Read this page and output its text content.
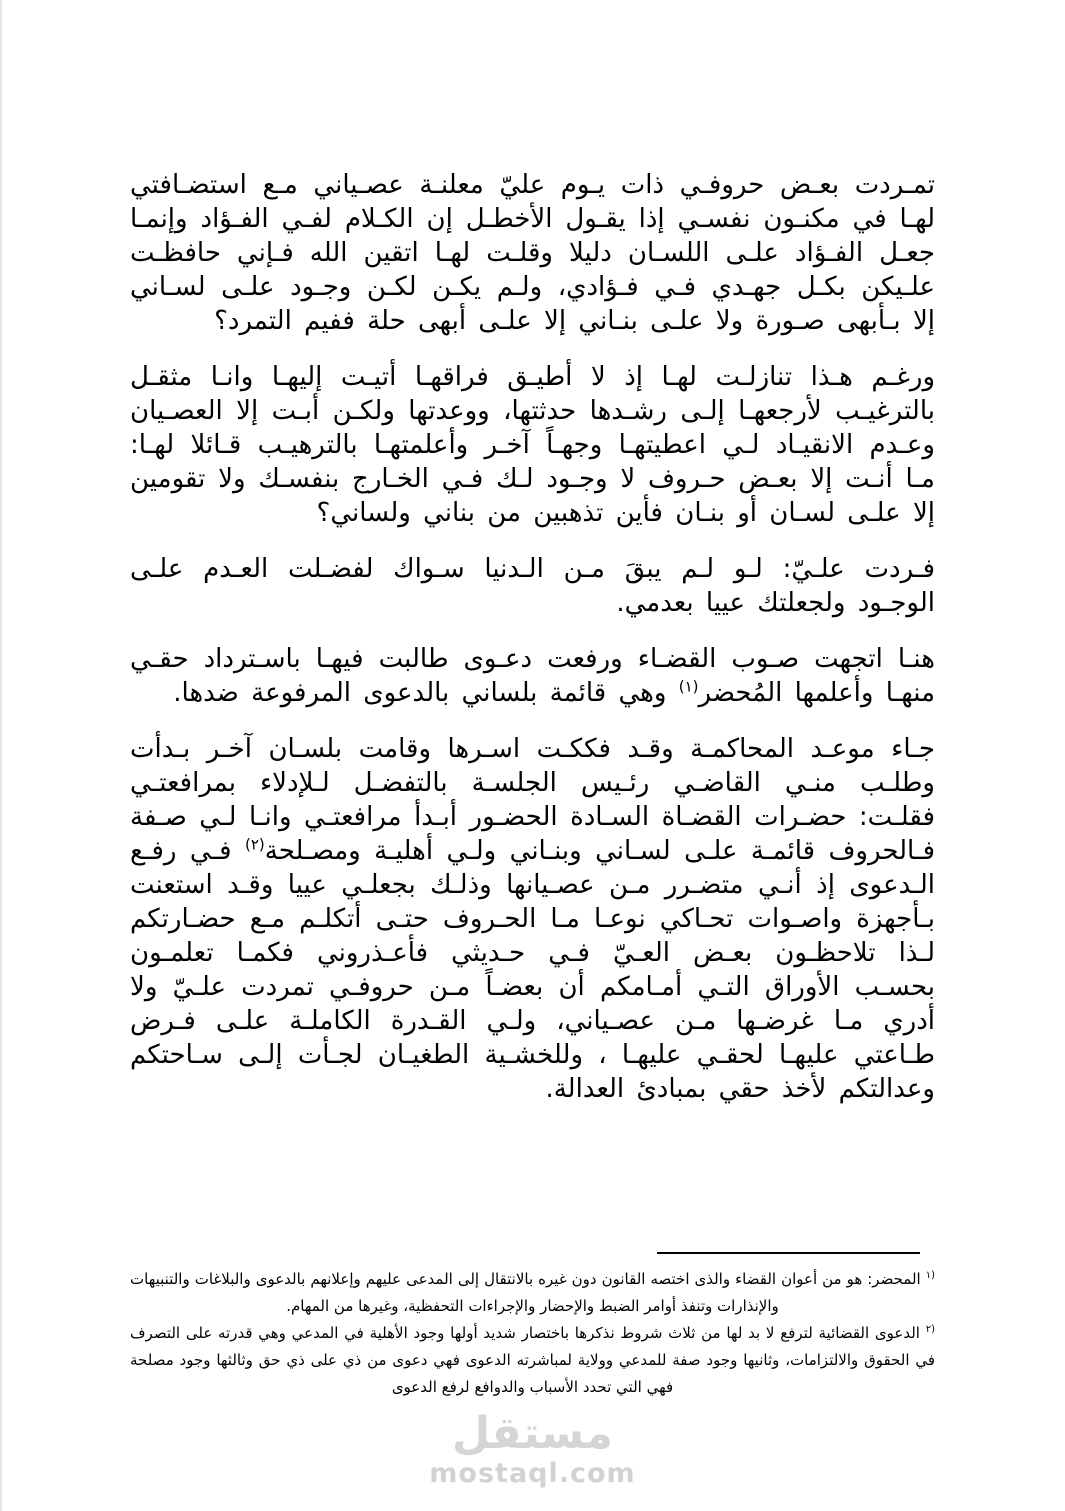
تمـردت بعـض حروفـي ذات يـوم عليّ معلنـة عصـياني مـع استضـافتي لهـا في مكنـون نفسـي إذا يقـول الأخطـل إن الكـلام لفـي الفـؤاد وإنمـا جعـل الفـؤاد علـى اللسـان دليلا وقلـت لهـا اتقين الله فـإني حافظـت علـيكن بكـل جهـدي فـي فـؤادي، ولـم يكـن لكـن وجـود علـى لسـاني إلا بـأبهى صـورة ولا علـى بنـاني إلا علـى أبهى حلة ففيم التمرد؟

ورغـم هـذا تنازلـت لهـا إذ لا أطيـق فراقهـا أتيـت إليهـا وانـا مثقـل بالترغيـب لأرجعهـا إلـى رشـدها حدثتها، ووعدتها ولكـن أبـت إلا العصـيان وعـدم الانقيـاد لـي اعطيتهـا وجهـاً آخـر وأعلمتهـا بالترهيـب قـائلا لهـا: مـا أنـت إلا بعـض حـروف لا وجـود لـك فـي الخـارج بنفسـك ولا تقومين إلا علـى لسـان أو بنـان فأين تذهبين من بناني ولساني؟

فـردت علـيّ: لـو لـم يبقَ مـن الـدنيا سـواك لفضـلت العـدم علـى الوجـود ولجعلتك عييا بعدمي.

هنـا اتجهت صـوب القضـاء ورفعت دعـوى طالبت فيهـا باسـترداد حقـي منهـا وأعلمها المُحضر$^{(١)}$ وهي قائمة بلساني بالدعوى المرفوعة ضدها.

جـاء موعـد المحاكمـة وقـد فككـت اسـرها وقامت بلسـان آخـر بـدأت وطلـب منـي القاضـي رئـيس الجلسـة بالتفضـل لـلإدلاء بمرافعتـي فقلـت: حضـرات القضـاة السـادة الحضـور أبـدأ مرافعتـي وانـا لـي صـفة فـالحروف قائمـة علـى لسـاني وبنـاني ولـي أهليـة ومصـلحة$^{(٢)}$ فـي رفـع الـدعوى إذ أنـي متضـرر مـن عصـيانها وذلـك بجعلـي عييا وقـد استعنت بـأجهزة واصـوات تحـاكي نوعـا مـا الحـروف حتـى أتكلـم مـع حضـارتكم لـذا تلاحظـون بعـض العـيّ فـي حـديثي فأعـذروني فكمـا تعلمـون بحسـب الأوراق التـي أمـامكم أن بعضـاً مـن حروفـي تمردت علـيّ ولا أدري مـا غرضـها مـن عصـياني، ولـي القـدرة الكاملـة علـى فـرض طـاعتي عليهـا لحقـي عليهـا ، وللخشـية الطغيـان لجـأت إلـى سـاحتكم وعدالتكم لأخذ حقي بمبادئ العدالة.

$^{١)}$ المحضر: هو من أعوان القضاء والذى اختصه القانون دون غيره بالانتقال إلى المدعى عليهم وإعلانهم بالدعوى والبلاغات والتنبيهات والإنذارات وتنفذ أوامر الضبط والإحضار والإجراءات التحفظية، وغيرها من المهام.

$^{٢)}$ الدعوى القضائية لترفع لا بد لها من ثلاث شروط نذكرها باختصار شديد أولها وجود الأهلية في المدعي وهي قدرته على التصرف في الحقوق والالتزامات، وثانيها وجود صفة للمدعي وولاية لمباشرته الدعوى فهي دعوى من ذي على ذي حق وثالثها وجود مصلحة فهي التي تحدد الأسباب والدوافع لرفع الدعوى

مستقل
mostaql.com
